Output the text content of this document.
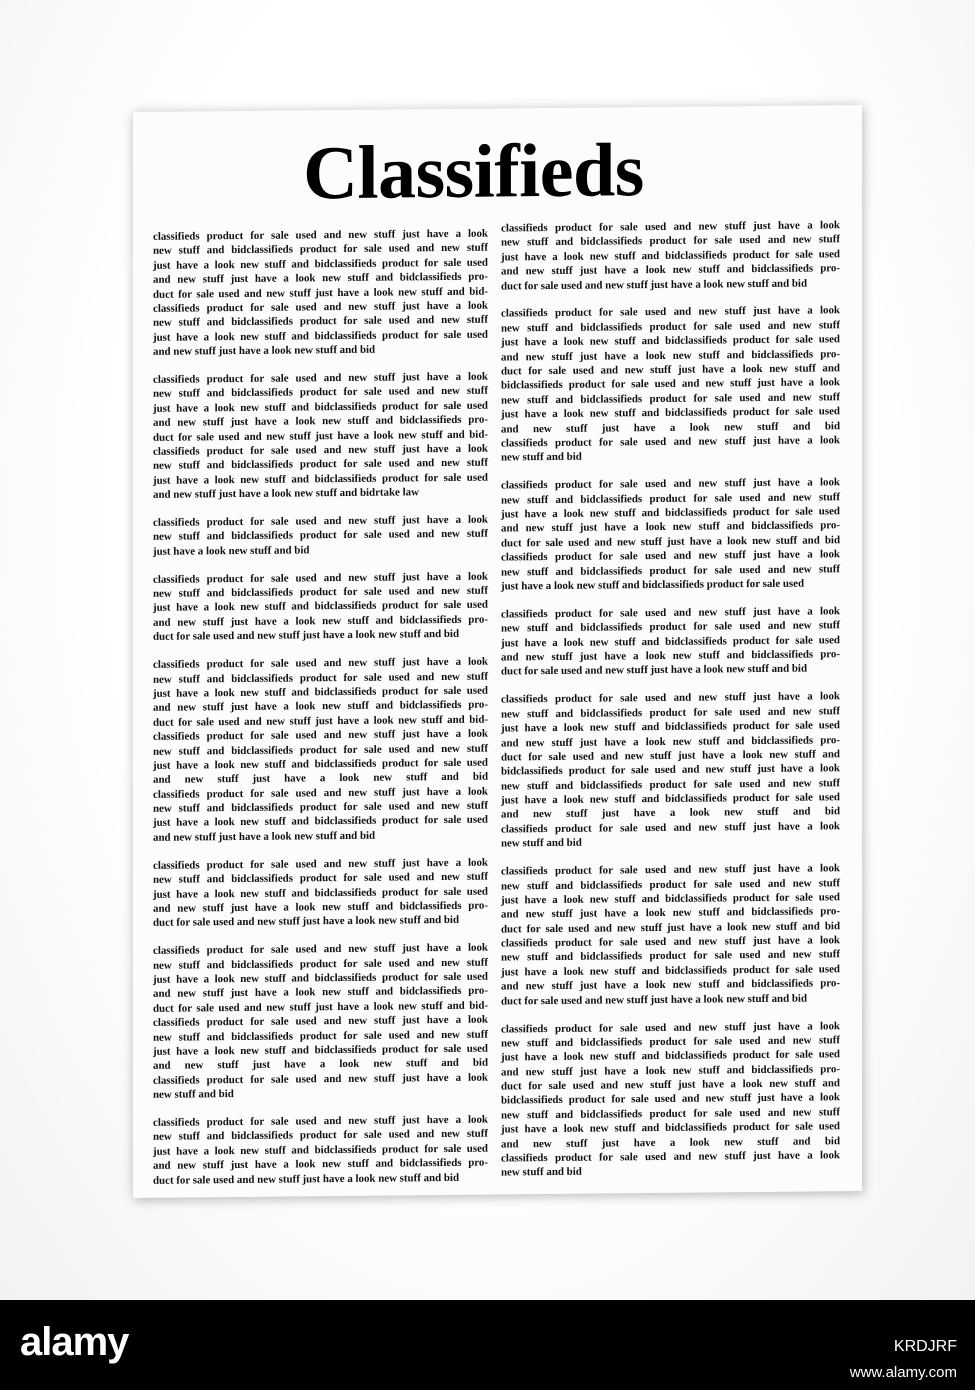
Classifieds
classifieds product for sale used and new stuff just have a look
new stuff and bidclassifieds product for sale used and new stuff
just have a look new stuff and bidclassifieds product for sale used
and new stuff just have a look new stuff and bidclassifieds pro-
duct for sale used and new stuff just have a look new stuff and bid-
classifieds product for sale used and new stuff just have a look
new stuff and bidclassifieds product for sale used and new stuff
just have a look new stuff and bidclassifieds product for sale used
and new stuff just have a look new stuff and bid
classifieds product for sale used and new stuff just have a look
new stuff and bidclassifieds product for sale used and new stuff
just have a look new stuff and bidclassifieds product for sale used
and new stuff just have a look new stuff and bidclassifieds pro-
duct for sale used and new stuff just have a look new stuff and bid-
classifieds product for sale used and new stuff just have a look
new stuff and bidclassifieds product for sale used and new stuff
just have a look new stuff and bidclassifieds product for sale used
and new stuff just have a look new stuff and bidrtake law
classifieds product for sale used and new stuff just have a look
new stuff and bidclassifieds product for sale used and new stuff
just have a look new stuff and bid
classifieds product for sale used and new stuff just have a look
new stuff and bidclassifieds product for sale used and new stuff
just have a look new stuff and bidclassifieds product for sale used
and new stuff just have a look new stuff and bidclassifieds pro-
duct for sale used and new stuff just have a look new stuff and bid
classifieds product for sale used and new stuff just have a look
new stuff and bidclassifieds product for sale used and new stuff
just have a look new stuff and bidclassifieds product for sale used
and new stuff just have a look new stuff and bidclassifieds pro-
duct for sale used and new stuff just have a look new stuff and bid-
classifieds product for sale used and new stuff just have a look
new stuff and bidclassifieds product for sale used and new stuff
just have a look new stuff and bidclassifieds product for sale used
and new stuff just have a look new stuff and bid
classifieds product for sale used and new stuff just have a look
new stuff and bidclassifieds product for sale used and new stuff
just have a look new stuff and bidclassifieds product for sale used
and new stuff just have a look new stuff and bid
classifieds product for sale used and new stuff just have a look
new stuff and bidclassifieds product for sale used and new stuff
just have a look new stuff and bidclassifieds product for sale used
and new stuff just have a look new stuff and bidclassifieds pro-
duct for sale used and new stuff just have a look new stuff and bid
classifieds product for sale used and new stuff just have a look
new stuff and bidclassifieds product for sale used and new stuff
just have a look new stuff and bidclassifieds product for sale used
and new stuff just have a look new stuff and bidclassifieds pro-
duct for sale used and new stuff just have a look new stuff and bid-
classifieds product for sale used and new stuff just have a look
new stuff and bidclassifieds product for sale used and new stuff
just have a look new stuff and bidclassifieds product for sale used
and new stuff just have a look new stuff and bid
classifieds product for sale used and new stuff just have a look
new stuff and bid
classifieds product for sale used and new stuff just have a look
new stuff and bidclassifieds product for sale used and new stuff
just have a look new stuff and bidclassifieds product for sale used
and new stuff just have a look new stuff and bidclassifieds pro-
duct for sale used and new stuff just have a look new stuff and bid
classifieds product for sale used and new stuff just have a look
new stuff and bidclassifieds product for sale used and new stuff
just have a look new stuff and bidclassifieds product for sale used
and new stuff just have a look new stuff and bidclassifieds pro-
duct for sale used and new stuff just have a look new stuff and bid
classifieds product for sale used and new stuff just have a look
new stuff and bidclassifieds product for sale used and new stuff
just have a look new stuff and bidclassifieds product for sale used
and new stuff just have a look new stuff and bidclassifieds pro-
duct for sale used and new stuff just have a look new stuff and
bidclassifieds product for sale used and new stuff just have a look
new stuff and bidclassifieds product for sale used and new stuff
just have a look new stuff and bidclassifieds product for sale used
and new stuff just have a look new stuff and bid
classifieds product for sale used and new stuff just have a look
new stuff and bid
classifieds product for sale used and new stuff just have a look
new stuff and bidclassifieds product for sale used and new stuff
just have a look new stuff and bidclassifieds product for sale used
and new stuff just have a look new stuff and bidclassifieds pro-
duct for sale used and new stuff just have a look new stuff and bid
classifieds product for sale used and new stuff just have a look
new stuff and bidclassifieds product for sale used and new stuff
just have a look new stuff and bidclassifieds product for sale used
classifieds product for sale used and new stuff just have a look
new stuff and bidclassifieds product for sale used and new stuff
just have a look new stuff and bidclassifieds product for sale used
and new stuff just have a look new stuff and bidclassifieds pro-
duct for sale used and new stuff just have a look new stuff and bid
classifieds product for sale used and new stuff just have a look
new stuff and bidclassifieds product for sale used and new stuff
just have a look new stuff and bidclassifieds product for sale used
and new stuff just have a look new stuff and bidclassifieds pro-
duct for sale used and new stuff just have a look new stuff and
bidclassifieds product for sale used and new stuff just have a look
new stuff and bidclassifieds product for sale used and new stuff
just have a look new stuff and bidclassifieds product for sale used
and new stuff just have a look new stuff and bid
classifieds product for sale used and new stuff just have a look
new stuff and bid
classifieds product for sale used and new stuff just have a look
new stuff and bidclassifieds product for sale used and new stuff
just have a look new stuff and bidclassifieds product for sale used
and new stuff just have a look new stuff and bidclassifieds pro-
duct for sale used and new stuff just have a look new stuff and bid
classifieds product for sale used and new stuff just have a look
new stuff and bidclassifieds product for sale used and new stuff
just have a look new stuff and bidclassifieds product for sale used
and new stuff just have a look new stuff and bidclassifieds pro-
duct for sale used and new stuff just have a look new stuff and bid
classifieds product for sale used and new stuff just have a look
new stuff and bidclassifieds product for sale used and new stuff
just have a look new stuff and bidclassifieds product for sale used
and new stuff just have a look new stuff and bidclassifieds pro-
duct for sale used and new stuff just have a look new stuff and
bidclassifieds product for sale used and new stuff just have a look
new stuff and bidclassifieds product for sale used and new stuff
just have a look new stuff and bidclassifieds product for sale used
and new stuff just have a look new stuff and bid
classifieds product for sale used and new stuff just have a look
new stuff and bid
alamy	KRDJRF
www.alamy.com
